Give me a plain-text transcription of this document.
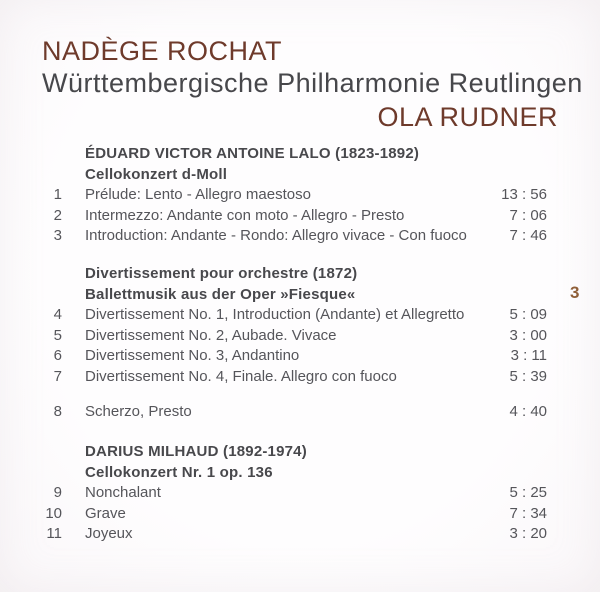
NADÈGE ROCHAT
Württembergische Philharmonie Reutlingen
OLA RUDNER
3
ÉDUARD VICTOR ANTOINE LALO (1823-1892)
Cellokonzert d-Moll
1 Prélude: Lento - Allegro maestoso	13 : 56
2 Intermezzo: Andante con moto - Allegro - Presto	7 : 06
3 Introduction: Andante - Rondo: Allegro vivace - Con fuoco	7 : 46
Divertissement pour orchestre (1872)
Ballettmusik aus der Oper »Fiesque«
4 Divertissement No. 1, Introduction (Andante) et Allegretto	5 : 09
5 Divertissement No. 2, Aubade. Vivace	3 : 00
6 Divertissement No. 3, Andantino	3 : 11
7 Divertissement No. 4, Finale. Allegro con fuoco	5 : 39
8 Scherzo, Presto	4 : 40
DARIUS MILHAUD (1892-1974)
Cellokonzert Nr. 1 op. 136
9 Nonchalant	5 : 25
10 Grave	7 : 34
11 Joyeux	3 : 20
